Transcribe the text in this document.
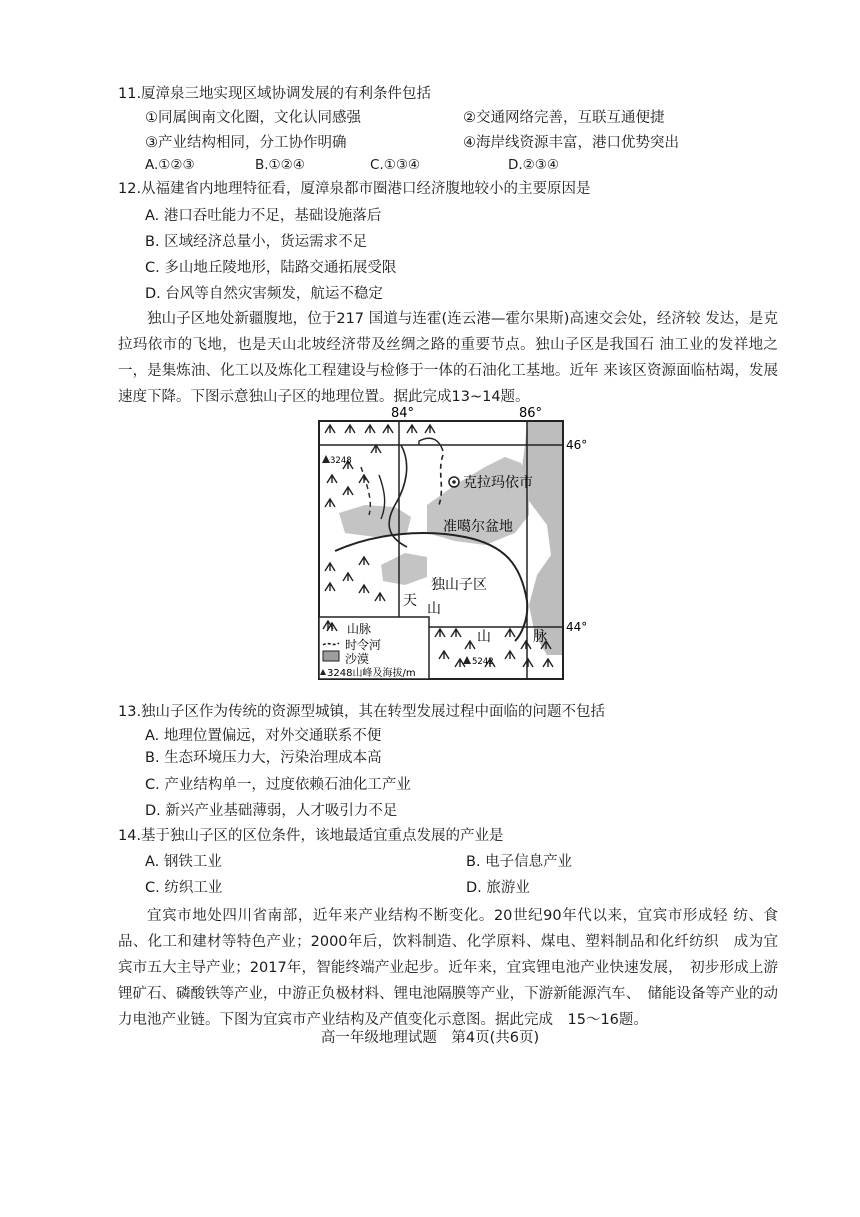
11.厦漳泉三地实现区域协调发展的有利条件包括
①同属闽南文化圈，文化认同感强	②交通网络完善，互联互通便捷
③产业结构相同，分工协作明确	④海岸线资源丰富，港口优势突出
A.①②③	B.①②④	C.①③④	D.②③④
12.从福建省内地理特征看，厦漳泉都市圈港口经济腹地较小的主要原因是
A. 港口吞吐能力不足，基础设施落后
B. 区域经济总量小，货运需求不足
C. 多山地丘陵地形，陆路交通拓展受限
D. 台风等自然灾害频发，航运不稳定
独山子区地处新疆腹地，位于217 国道与连霍(连云港—霍尔果斯)高速交会处，经济较 发达，是克拉玛依市的飞地，也是天山北坡经济带及丝绸之路的重要节点。独山子区是我国石 油工业的发祥地之一，是集炼油、化工以及炼化工程建设与检修于一体的石油化工基地。近年 来该区资源面临枯竭，发展速度下降。下图示意独山子区的地理位置。据此完成13~14题。
84°	86°
46°
44°
3248
5242
克拉玛依市
准噶尔盆地
独山子区
天 山
山	脉
山脉
时令河
沙漠
3248山峰及海拔/m
13.独山子区作为传统的资源型城镇，其在转型发展过程中面临的问题不包括
A. 地理位置偏远，对外交通联系不便
B. 生态环境压力大，污染治理成本高
C. 产业结构单一，过度依赖石油化工产业
D. 新兴产业基础薄弱，人才吸引力不足
14.基于独山子区的区位条件，该地最适宜重点发展的产业是
A. 钢铁工业	B. 电子信息产业
C. 纺织工业	D. 旅游业
宜宾市地处四川省南部，近年来产业结构不断变化。20世纪90年代以来，宜宾市形成轻 纺、食品、化工和建材等特色产业；2000年后，饮料制造、化学原料、煤电、塑料制品和化纤纺织　成为宜宾市五大主导产业；2017年，智能终端产业起步。近年来，宜宾锂电池产业快速发展，　初步形成上游锂矿石、磷酸铁等产业，中游正负极材料、锂电池隔膜等产业，下游新能源汽车、　储能设备等产业的动力电池产业链。下图为宜宾市产业结构及产值变化示意图。据此完成　15～16题。
高一年级地理试题　第4页(共6页)
